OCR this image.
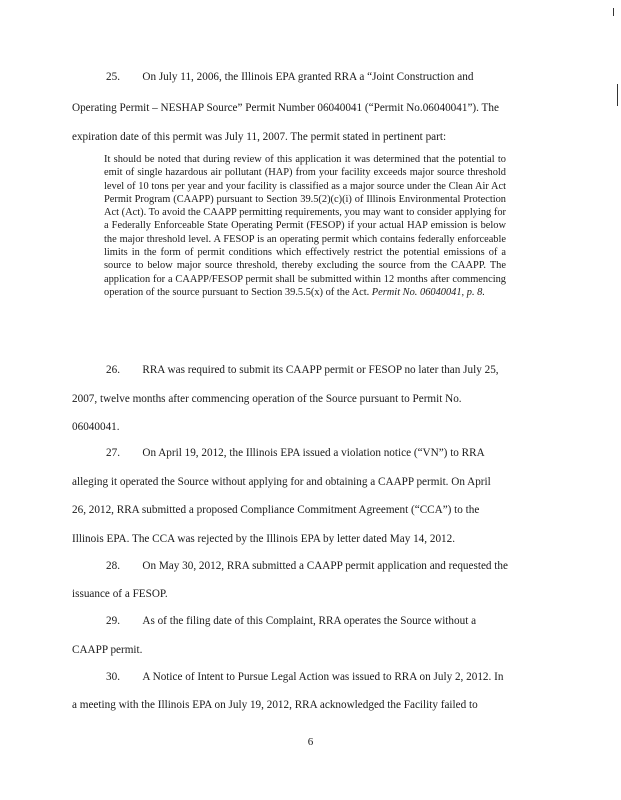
25.  On July 11, 2006, the Illinois EPA granted RRA a “Joint Construction and
Operating Permit – NESHAP Source” Permit Number 06040041 (“Permit No.06040041”). The
expiration date of this permit was July 11, 2007. The permit stated in pertinent part:
It should be noted that during review of this application it was determined that the potential to emit of single hazardous air pollutant (HAP) from your facility exceeds major source threshold level of 10 tons per year and your facility is classified as a major source under the Clean Air Act Permit Program (CAAPP) pursuant to Section 39.5(2)(c)(i) of Illinois Environmental Protection Act (Act). To avoid the CAAPP permitting requirements, you may want to consider applying for a Federally Enforceable State Operating Permit (FESOP) if your actual HAP emission is below the major threshold level. A FESOP is an operating permit which contains federally enforceable limits in the form of permit conditions which effectively restrict the potential emissions of a source to below major source threshold, thereby excluding the source from the CAAPP. The application for a CAAPP/FESOP permit shall be submitted within 12 months after commencing operation of the source pursuant to Section 39.5.5(x) of the Act. Permit No. 06040041, p. 8.
26.  RRA was required to submit its CAAPP permit or FESOP no later than July 25,
2007, twelve months after commencing operation of the Source pursuant to Permit No.
06040041.
27.  On April 19, 2012, the Illinois EPA issued a violation notice (“VN”) to RRA
alleging it operated the Source without applying for and obtaining a CAAPP permit. On April
26, 2012, RRA submitted a proposed Compliance Commitment Agreement (“CCA”) to the
Illinois EPA. The CCA was rejected by the Illinois EPA by letter dated May 14, 2012.
28.  On May 30, 2012, RRA submitted a CAAPP permit application and requested the
issuance of a FESOP.
29.  As of the filing date of this Complaint, RRA operates the Source without a
CAAPP permit.
30.  A Notice of Intent to Pursue Legal Action was issued to RRA on July 2, 2012. In
a meeting with the Illinois EPA on July 19, 2012, RRA acknowledged the Facility failed to
6
